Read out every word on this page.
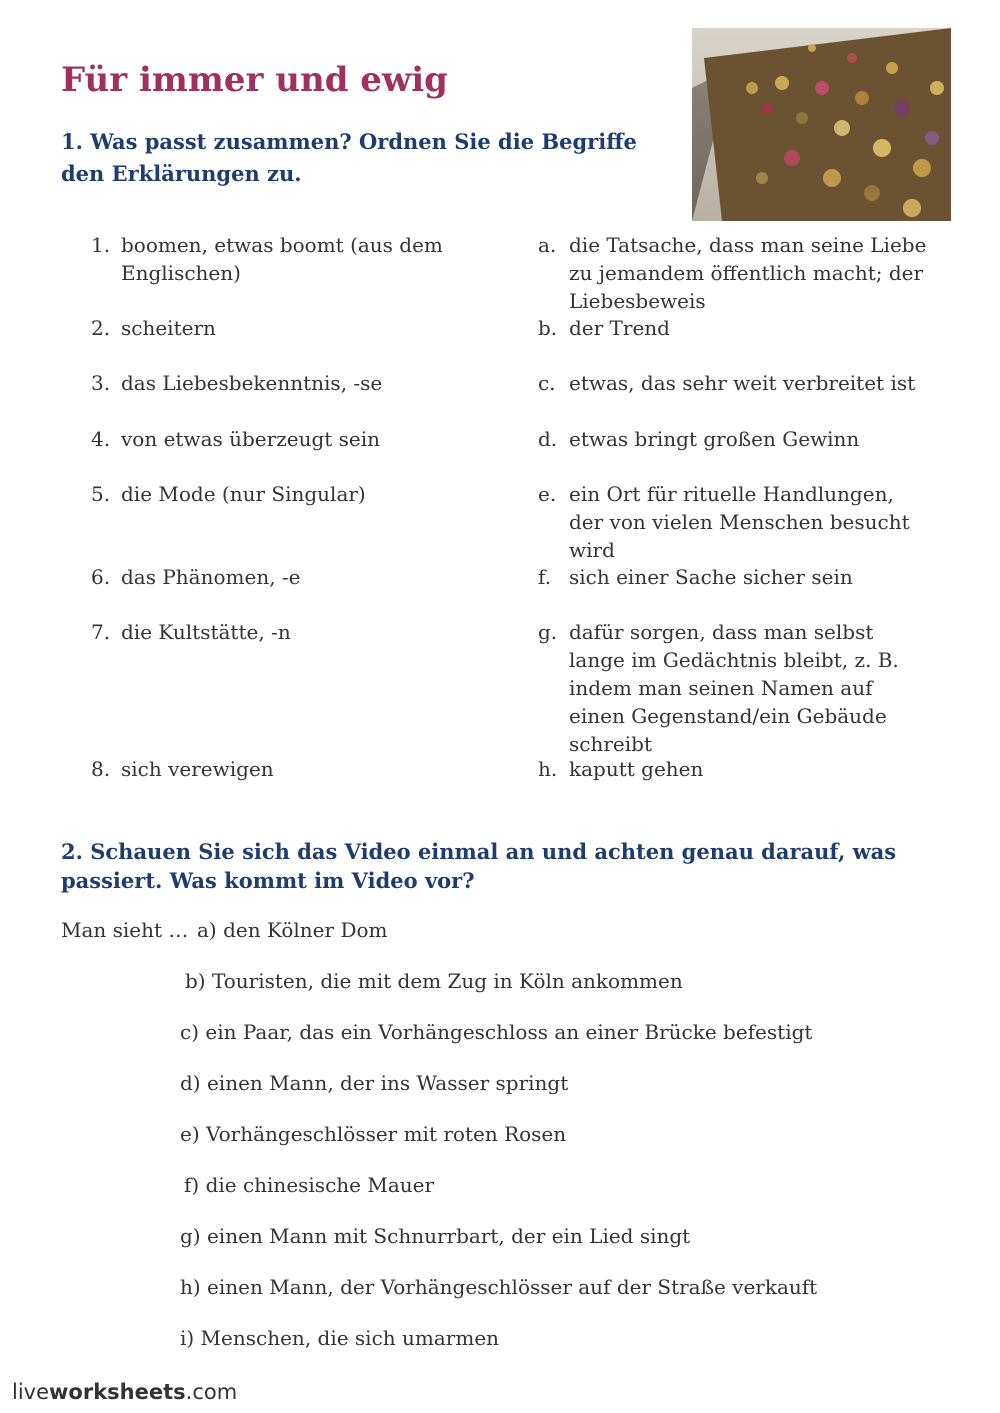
Für immer und ewig
1. Was passt zusammen? Ordnen Sie die Begriffe den Erklärungen zu.
1. boomen, etwas boomt (aus dem Englischen)
2. scheitern
3. das Liebesbekenntnis, -se
4. von etwas überzeugt sein
5. die Mode (nur Singular)
6. das Phänomen, -e
7. die Kultstätte, -n
8. sich verewigen
a. die Tatsache, dass man seine Liebe zu jemandem öffentlich macht; der Liebesbeweis
b. der Trend
c. etwas, das sehr weit verbreitet ist
d. etwas bringt großen Gewinn
e. ein Ort für rituelle Handlungen, der von vielen Menschen besucht wird
f. sich einer Sache sicher sein
g. dafür sorgen, dass man selbst lange im Gedächtnis bleibt, z. B. indem man seinen Namen auf einen Gegenstand/ein Gebäude schreibt
h. kaputt gehen
2. Schauen Sie sich das Video einmal an und achten genau darauf, was passiert. Was kommt im Video vor?
Man sieht … a) den Kölner Dom
b) Touristen, die mit dem Zug in Köln ankommen
c) ein Paar, das ein Vorhängeschloss an einer Brücke befestigt
d) einen Mann, der ins Wasser springt
e) Vorhängeschlösser mit roten Rosen
f) die chinesische Mauer
g) einen Mann mit Schnurrbart, der ein Lied singt
h) einen Mann, der Vorhängeschlösser auf der Straße verkauft
i) Menschen, die sich umarmen
liveworksheets.com
